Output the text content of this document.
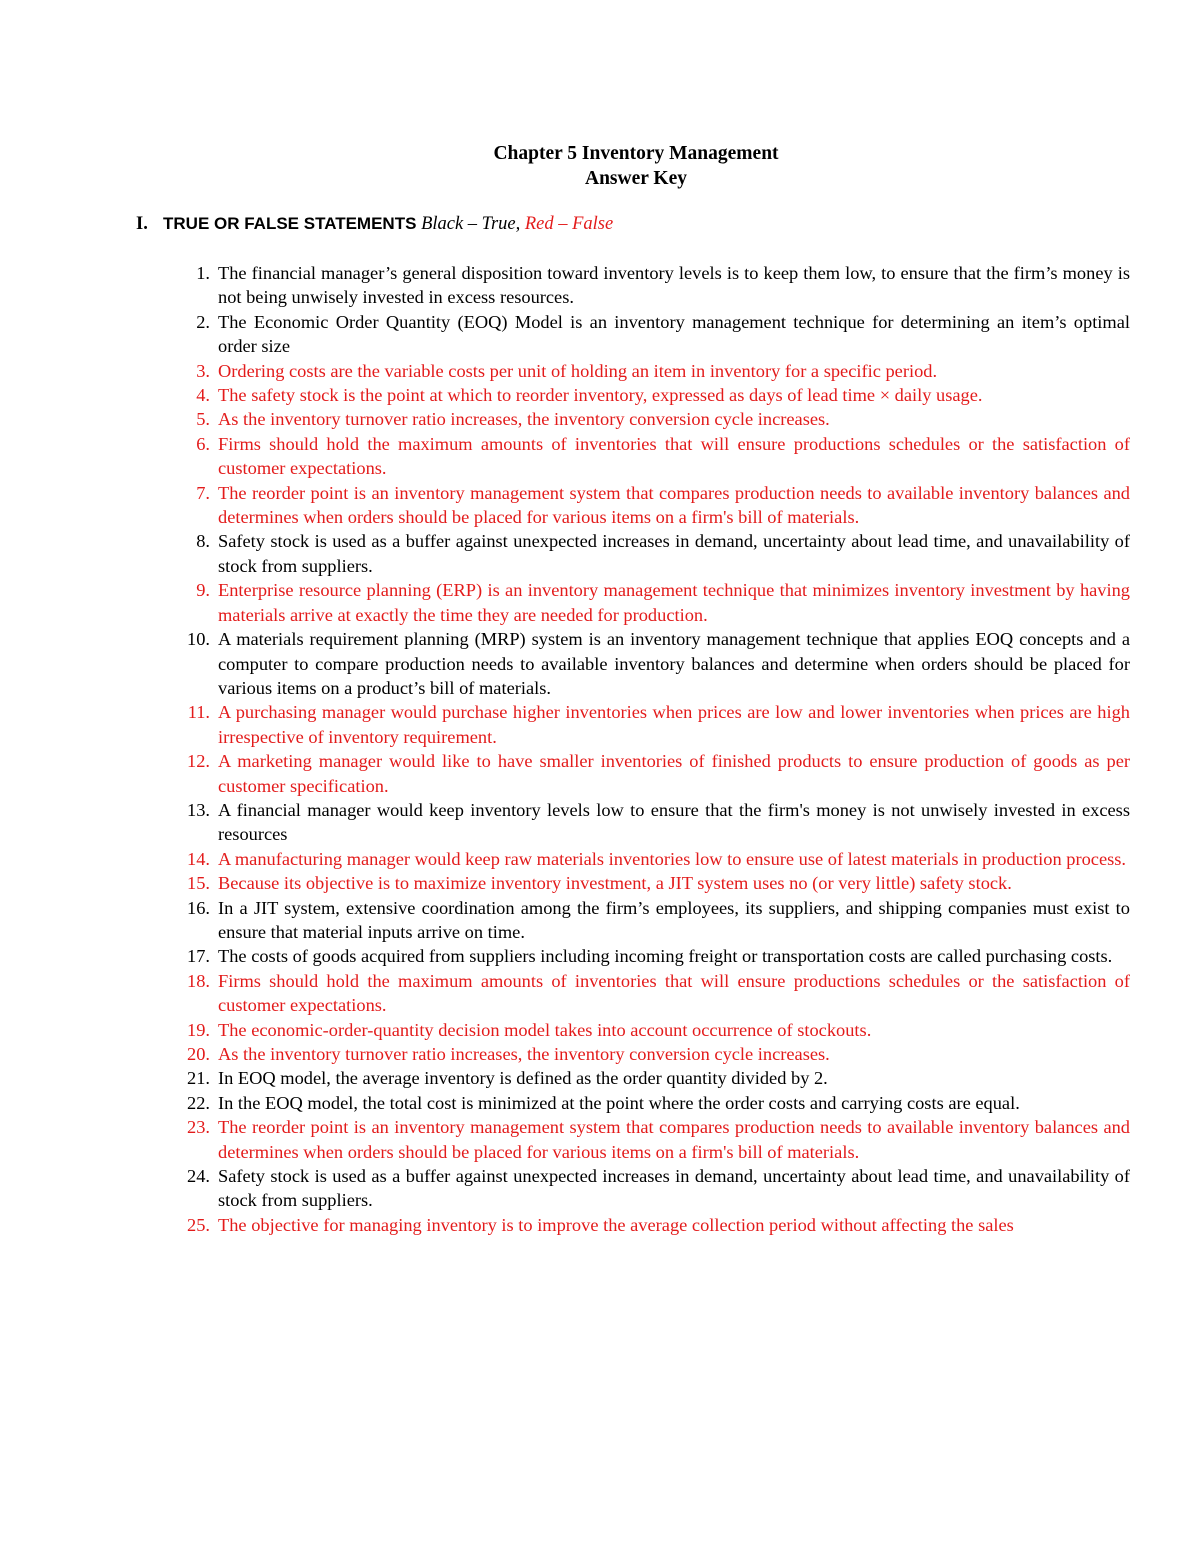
Chapter 5 Inventory Management
Answer Key
I. TRUE OR FALSE STATEMENTS Black – True, Red – False
1. The financial manager’s general disposition toward inventory levels is to keep them low, to ensure that the firm’s money is not being unwisely invested in excess resources.
2. The Economic Order Quantity (EOQ) Model is an inventory management technique for determining an item’s optimal order size
3. Ordering costs are the variable costs per unit of holding an item in inventory for a specific period.
4. The safety stock is the point at which to reorder inventory, expressed as days of lead time × daily usage.
5. As the inventory turnover ratio increases, the inventory conversion cycle increases.
6. Firms should hold the maximum amounts of inventories that will ensure productions schedules or the satisfaction of customer expectations.
7. The reorder point is an inventory management system that compares production needs to available inventory balances and determines when orders should be placed for various items on a firm's bill of materials.
8. Safety stock is used as a buffer against unexpected increases in demand, uncertainty about lead time, and unavailability of stock from suppliers.
9. Enterprise resource planning (ERP) is an inventory management technique that minimizes inventory investment by having materials arrive at exactly the time they are needed for production.
10. A materials requirement planning (MRP) system is an inventory management technique that applies EOQ concepts and a computer to compare production needs to available inventory balances and determine when orders should be placed for various items on a product’s bill of materials.
11. A purchasing manager would purchase higher inventories when prices are low and lower inventories when prices are high irrespective of inventory requirement.
12. A marketing manager would like to have smaller inventories of finished products to ensure production of goods as per customer specification.
13. A financial manager would keep inventory levels low to ensure that the firm's money is not unwisely invested in excess resources
14. A manufacturing manager would keep raw materials inventories low to ensure use of latest materials in production process.
15. Because its objective is to maximize inventory investment, a JIT system uses no (or very little) safety stock.
16. In a JIT system, extensive coordination among the firm’s employees, its suppliers, and shipping companies must exist to ensure that material inputs arrive on time.
17. The costs of goods acquired from suppliers including incoming freight or transportation costs are called purchasing costs.
18. Firms should hold the maximum amounts of inventories that will ensure productions schedules or the satisfaction of customer expectations.
19. The economic-order-quantity decision model takes into account occurrence of stockouts.
20. As the inventory turnover ratio increases, the inventory conversion cycle increases.
21. In EOQ model, the average inventory is defined as the order quantity divided by 2.
22. In the EOQ model, the total cost is minimized at the point where the order costs and carrying costs are equal.
23. The reorder point is an inventory management system that compares production needs to available inventory balances and determines when orders should be placed for various items on a firm's bill of materials.
24. Safety stock is used as a buffer against unexpected increases in demand, uncertainty about lead time, and unavailability of stock from suppliers.
25. The objective for managing inventory is to improve the average collection period without affecting the sales
